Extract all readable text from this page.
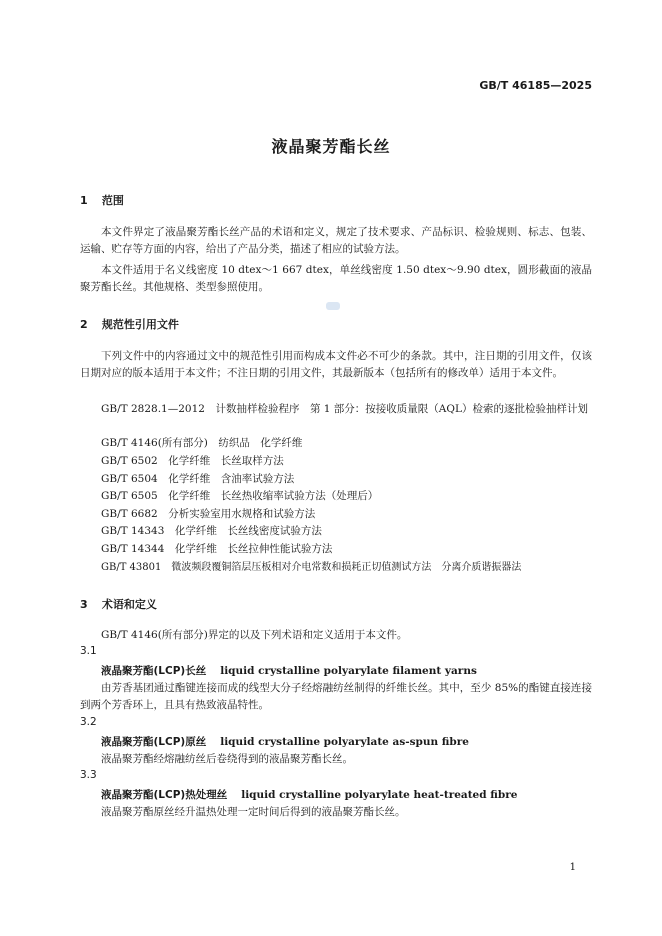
GB/T 46185—2025
液晶聚芳酯长丝
1 范围
本文件界定了液晶聚芳酯长丝产品的术语和定义，规定了技术要求、产品标识、检验规则、标志、包装、运输、贮存等方面的内容，给出了产品分类，描述了相应的试验方法。
本文件适用于名义线密度 10 dtex～1 667 dtex，单丝线密度 1.50 dtex～9.90 dtex，圆形截面的液晶聚芳酯长丝。其他规格、类型参照使用。
2 规范性引用文件
下列文件中的内容通过文中的规范性引用而构成本文件必不可少的条款。其中，注日期的引用文件，仅该日期对应的版本适用于本文件；不注日期的引用文件，其最新版本（包括所有的修改单）适用于本文件。
GB/T 2828.1—2012　 计数抽样检验程序　第 1 部分：按接收质量限（AQL）检索的逐批检验抽样计划
GB/T 4146(所有部分)　 纺织品　化学纤维
GB/T 6502　 化学纤维　长丝取样方法
GB/T 6504　 化学纤维　含油率试验方法
GB/T 6505　 化学纤维　长丝热收缩率试验方法（处理后）
GB/T 6682　 分析实验室用水规格和试验方法
GB/T 14343　 化学纤维　长丝线密度试验方法
GB/T 14344　 化学纤维　长丝拉伸性能试验方法
GB/T 43801　 微波频段覆铜箔层压板相对介电常数和损耗正切值测试方法　分离介质谐振器法
3 术语和定义
GB/T 4146(所有部分)界定的以及下列术语和定义适用于本文件。
3.1
液晶聚芳酯(LCP)长丝 liquid crystalline polyarylate filament yarns
由芳香基团通过酯键连接而成的线型大分子经熔融纺丝制得的纤维长丝。其中，至少 85%的酯键直接连接到两个芳香环上，且具有热致液晶特性。
3.2
液晶聚芳酯(LCP)原丝 liquid crystalline polyarylate as-spun fibre
液晶聚芳酯经熔融纺丝后卷绕得到的液晶聚芳酯长丝。
3.3
液晶聚芳酯(LCP)热处理丝 liquid crystalline polyarylate heat-treated fibre
液晶聚芳酯原丝经升温热处理一定时间后得到的液晶聚芳酯长丝。
1
